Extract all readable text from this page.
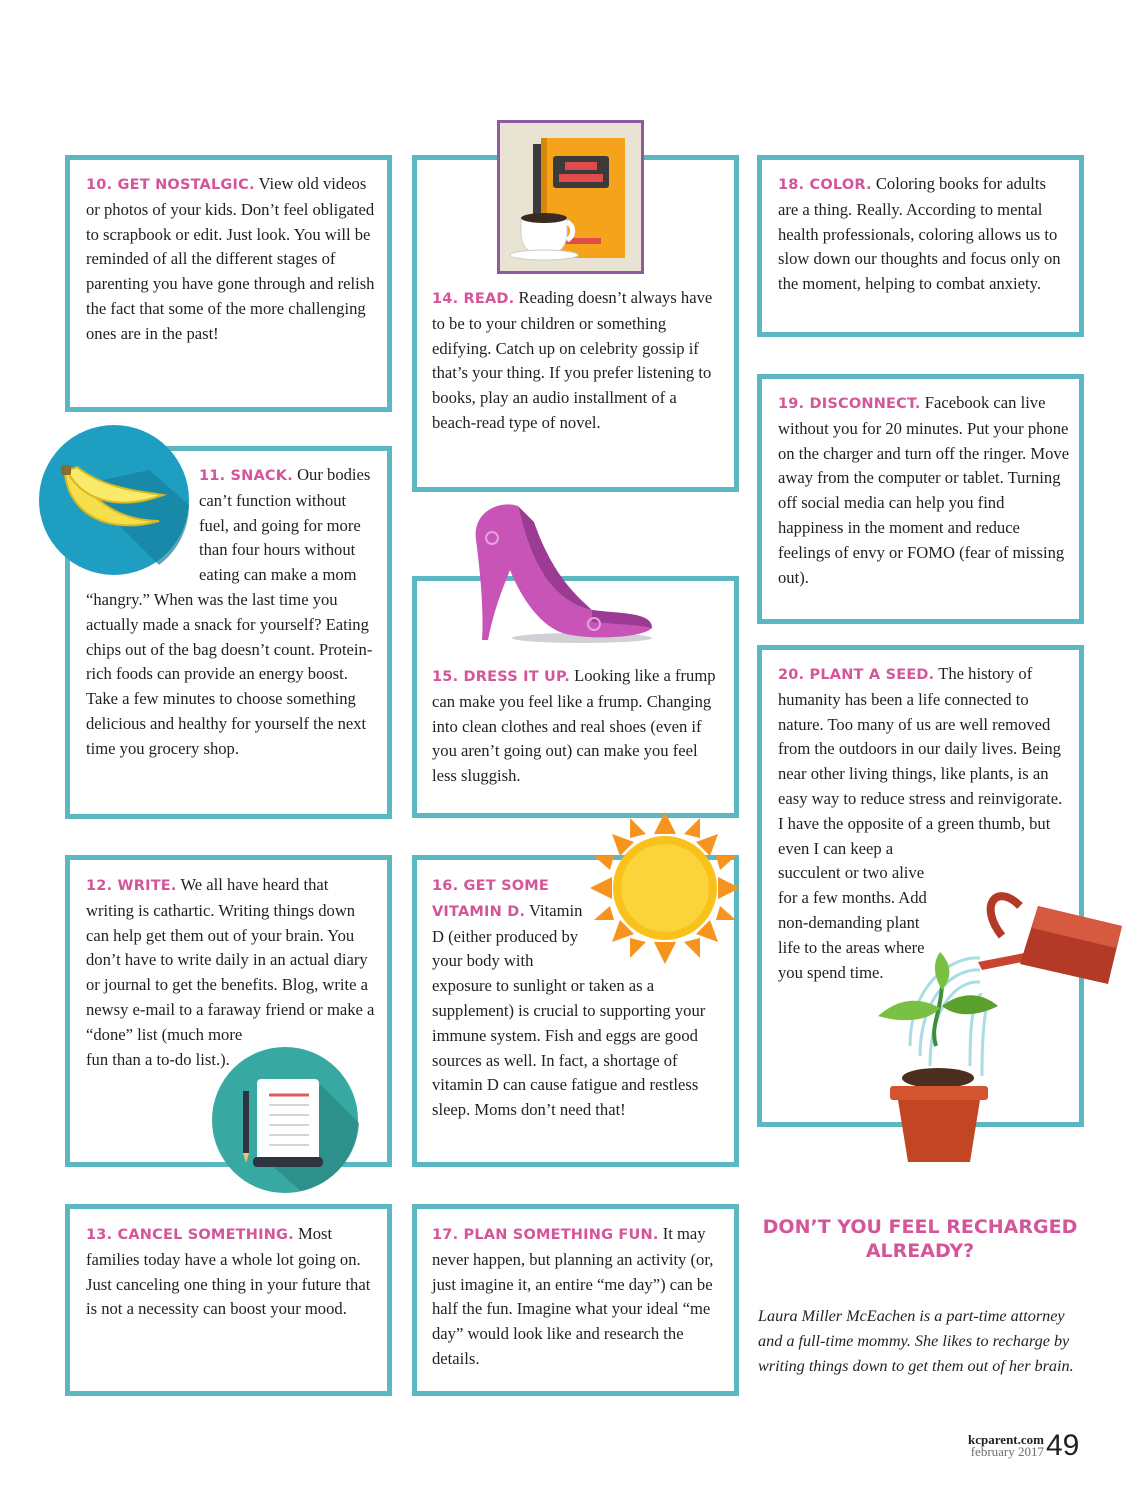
10. GET NOSTALGIC. View old videos or photos of your kids. Don’t feel obligated to scrapbook or edit. Just look. You will be reminded of all the different stages of parenting you have gone through and relish the fact that some of the more challenging ones are in the past!

11. SNACK. Our bodies can’t function without fuel, and going for more than four hours without eating can make a mom “hangry.” When was the last time you actually made a snack for yourself? Eating chips out of the bag doesn’t count. Protein-rich foods can provide an energy boost. Take a few minutes to choose something delicious and healthy for yourself the next time you grocery shop.

12. WRITE. We all have heard that writing is cathartic. Writing things down can help get them out of your brain. You don’t have to write daily in an actual diary or journal to get the benefits. Blog, write a newsy e-mail to a faraway friend or make a “done” list (much more fun than a to-do list.).

13. CANCEL SOMETHING. Most families today have a whole lot going on. Just canceling one thing in your future that is not a necessity can boost your mood.

14. READ. Reading doesn’t always have to be to your children or something edifying. Catch up on celebrity gossip if that’s your thing. If you prefer listening to books, play an audio installment of a beach-read type of novel.

15. DRESS IT UP. Looking like a frump can make you feel like a frump. Changing into clean clothes and real shoes (even if you aren’t going out) can make you feel less sluggish.

16. GET SOME VITAMIN D. Vitamin D (either produced by your body with exposure to sunlight or taken as a supplement) is crucial to supporting your immune system. Fish and eggs are good sources as well. In fact, a shortage of vitamin D can cause fatigue and restless sleep. Moms don’t need that!

17. PLAN SOMETHING FUN. It may never happen, but planning an activity (or, just imagine it, an entire “me day”) can be half the fun. Imagine what your ideal “me day” would look like and research the details.

18. COLOR. Coloring books for adults are a thing. Really. According to mental health professionals, coloring allows us to slow down our thoughts and focus only on the moment, helping to combat anxiety.

19. DISCONNECT. Facebook can live without you for 20 minutes. Put your phone on the charger and turn off the ringer. Move away from the computer or tablet. Turning off social media can help you find happiness in the moment and reduce feelings of envy or FOMO (fear of missing out).

20. PLANT A SEED. The history of humanity has been a life connected to nature. Too many of us are well removed from the outdoors in our daily lives. Being near other living things, like plants, is an easy way to reduce stress and reinvigorate. I have the opposite of a green thumb, but even I can keep a succulent or two alive for a few months. Add non-demanding plant life to the areas where you spend time.

DON’T YOU FEEL RECHARGED ALREADY?
Laura Miller McEachen is a part-time attorney and a full-time mommy. She likes to recharge by writing things down to get them out of her brain.
kcparent.com
february 2017 49
